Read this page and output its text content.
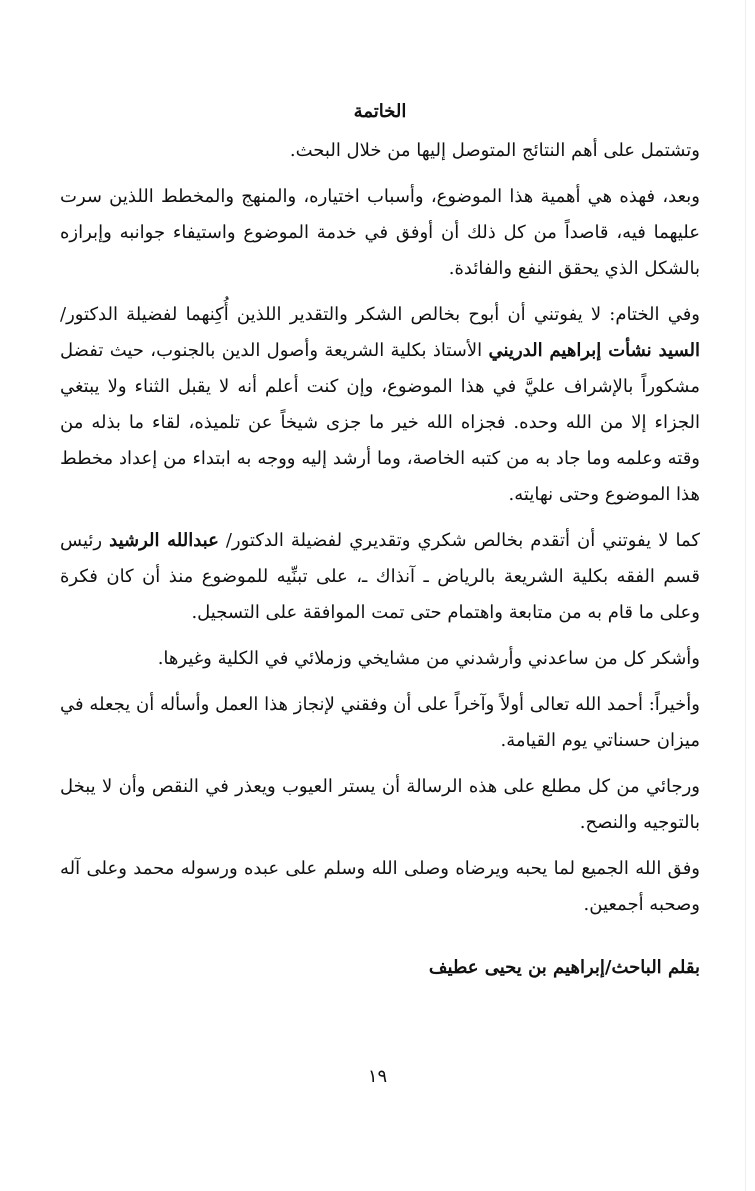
الخاتمة

وتشتمل على أهم النتائج المتوصل إليها من خلال البحث.

وبعد، فهذه هي أهمية هذا الموضوع، وأسباب اختياره، والمنهج والمخطط اللذين سرت عليهما فيه، قاصداً من كل ذلك أن أوفق في خدمة الموضوع واستيفاء جوانبه وإبرازه بالشكل الذي يحقق النفع والفائدة.

وفي الختام: لا يفوتني أن أبوح بخالص الشكر والتقدير اللذين أُكِنهما لفضيلة الدكتور/ السيد نشأت إبراهيم الدريني الأستاذ بكلية الشريعة وأصول الدين بالجنوب، حيث تفضل مشكوراً بالإشراف عليَّ في هذا الموضوع، وإن كنت أعلم أنه لا يقبل الثناء ولا يبتغي الجزاء إلا من الله وحده. فجزاه الله خير ما جزى شيخاً عن تلميذه، لقاء ما بذله من وقته وعلمه وما جاد به من كتبه الخاصة، وما أرشد إليه ووجه به ابتداء من إعداد مخطط هذا الموضوع وحتى نهايته.

كما لا يفوتني أن أتقدم بخالص شكري وتقديري لفضيلة الدكتور/ عبدالله الرشيد رئيس قسم الفقه بكلية الشريعة بالرياض ـ آنذاك ـ، على تبنِّيه للموضوع منذ أن كان فكرة وعلى ما قام به من متابعة واهتمام حتى تمت الموافقة على التسجيل.

وأشكر كل من ساعدني وأرشدني من مشايخي وزملائي في الكلية وغيرها.

وأخيراً: أحمد الله تعالى أولاً وآخراً على أن وفقني لإنجاز هذا العمل وأسأله أن يجعله في ميزان حسناتي يوم القيامة.

ورجائي من كل مطلع على هذه الرسالة أن يستر العيوب ويعذر في النقص وأن لا يبخل بالتوجيه والنصح.

وفق الله الجميع لما يحبه ويرضاه وصلى الله وسلم على عبده ورسوله محمد وعلى آله وصحبه أجمعين.

بقلم الباحث/إبراهيم بن يحيى عطيف
١٩
